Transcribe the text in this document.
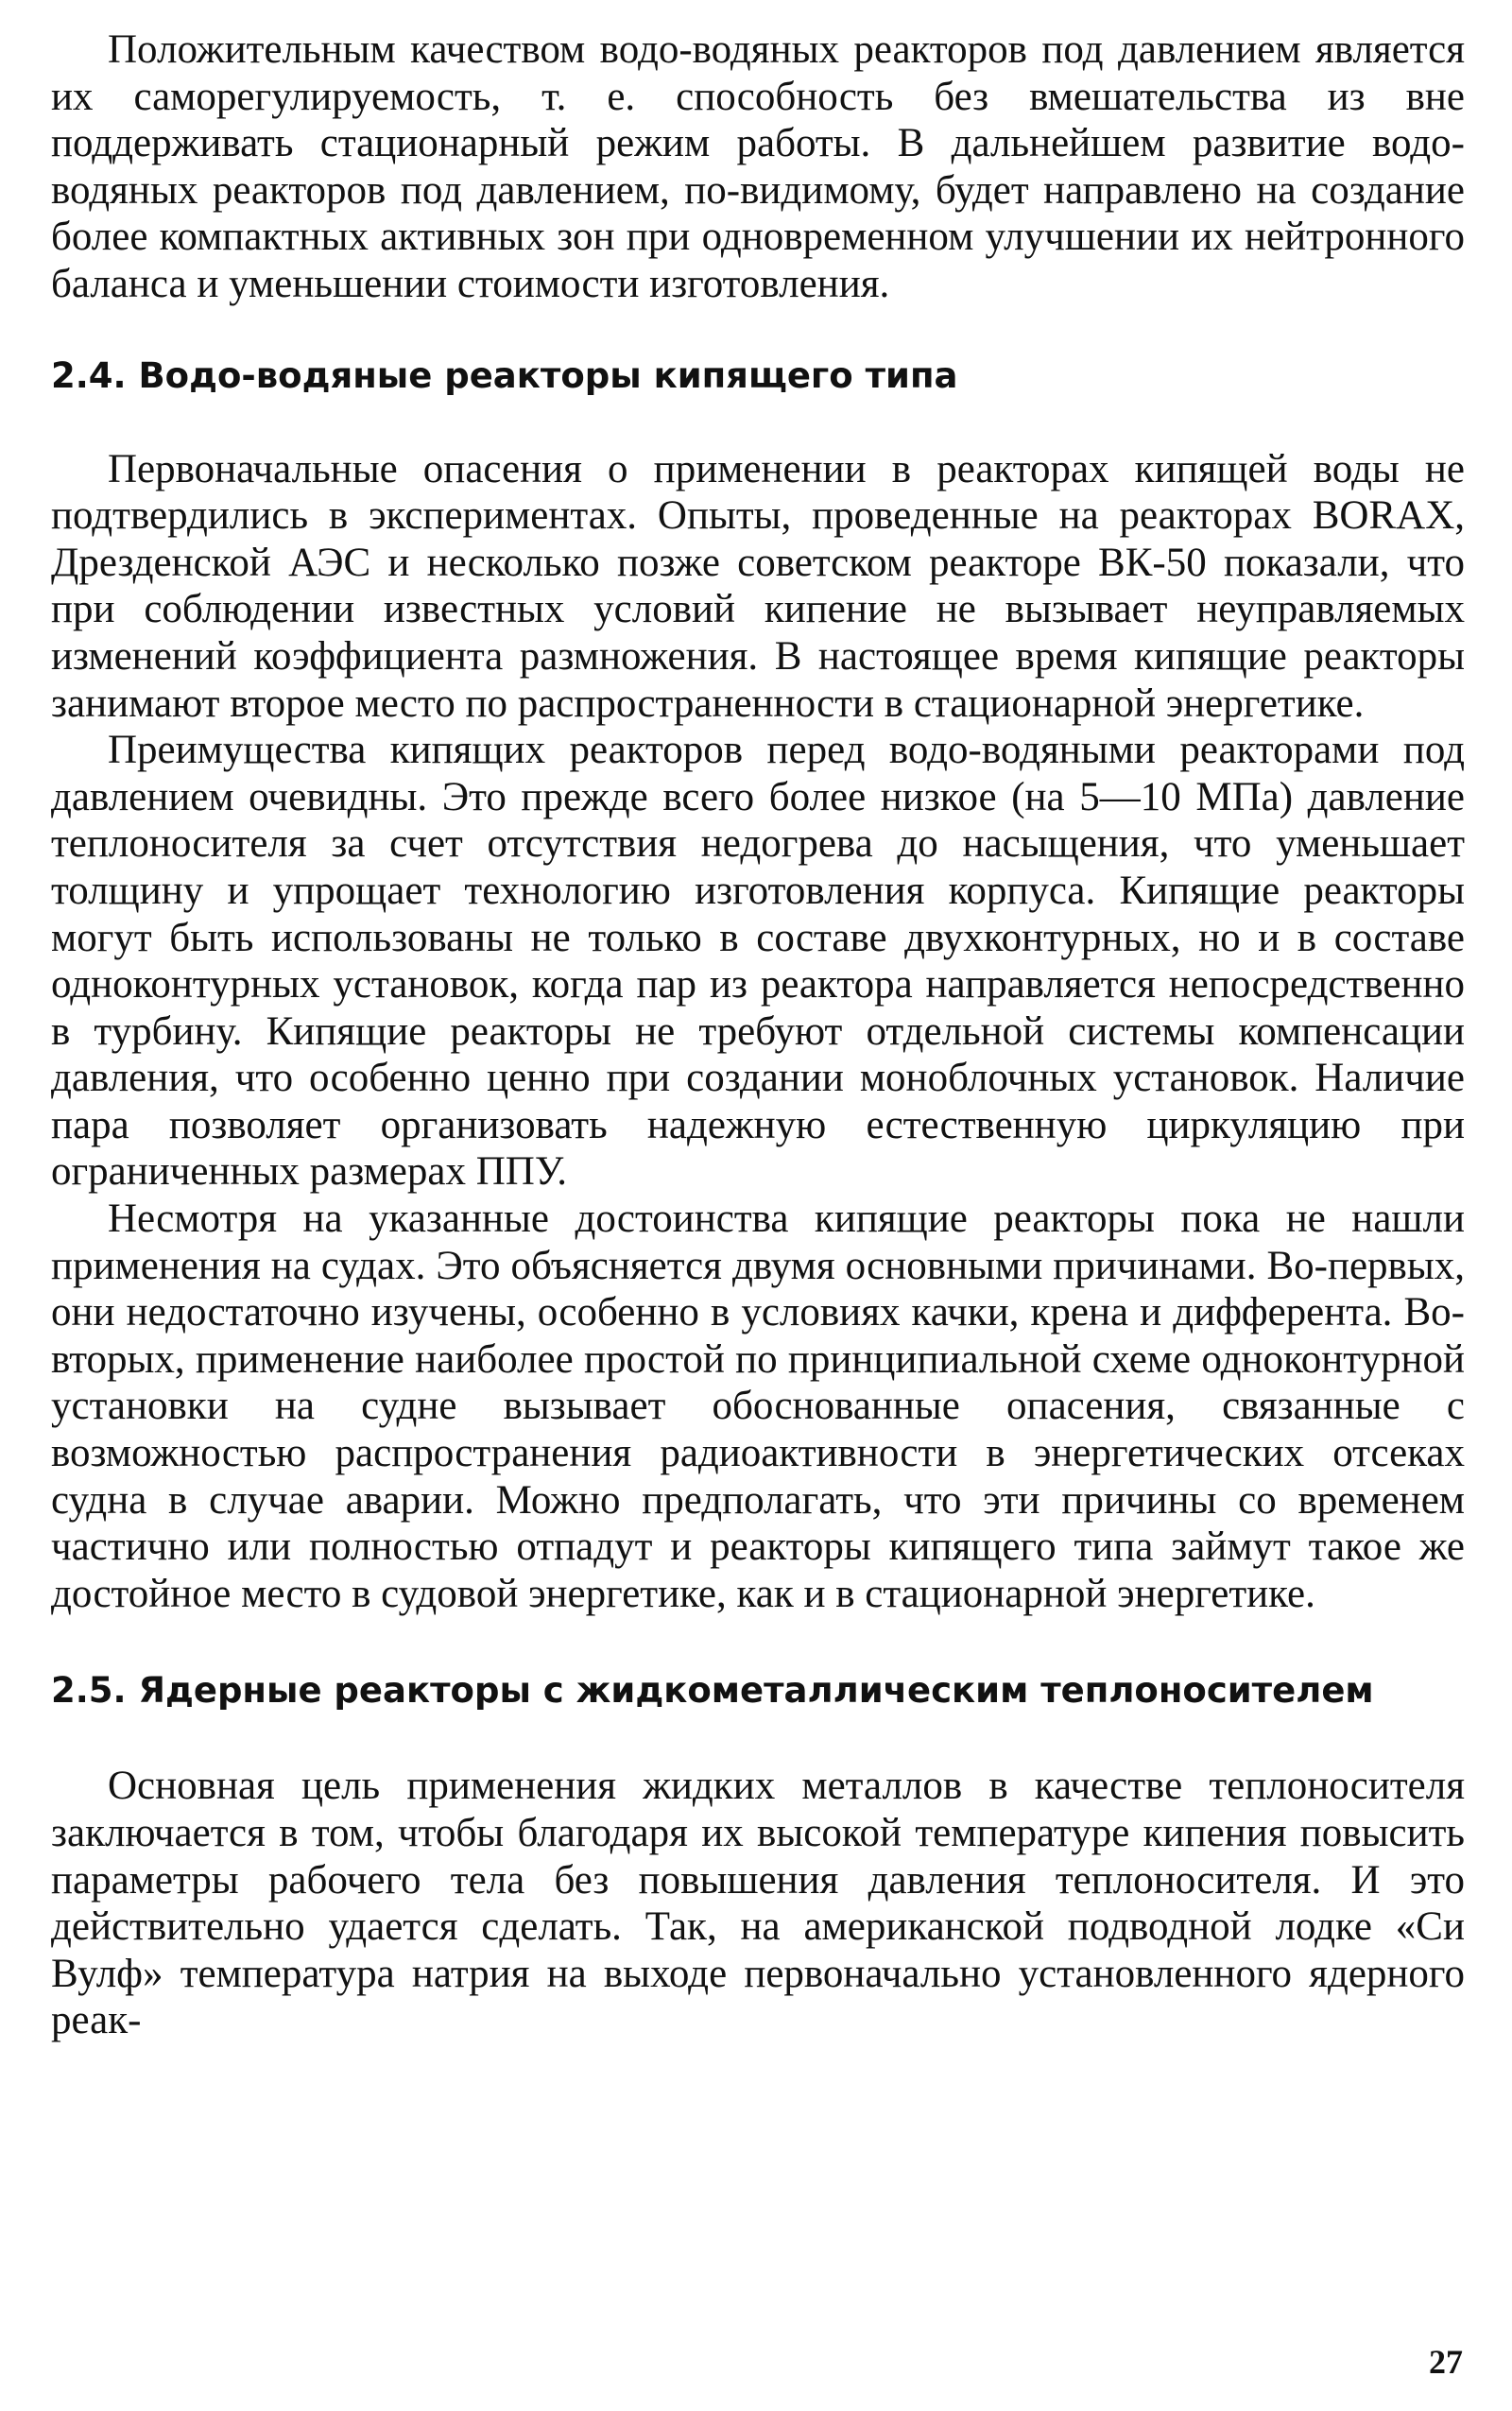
Положительным качеством водо-водяных реакторов под давлением является их саморегулируемость, т. е. способность без вмешательства из вне поддерживать стационарный режим работы. В дальнейшем развитие водо-водяных реакторов под давлением, по-видимому, будет направлено на создание более компактных активных зон при одновременном улучшении их нейтронного баланса и уменьшении стоимости изготовления.

2.4. Водо-водяные реакторы кипящего типа

Первоначальные опасения о применении в реакторах кипящей воды не подтвердились в экспериментах. Опыты, проведенные на реакторах BORAX, Дрезденской АЭС и несколько позже советском реакторе ВК-50 показали, что при соблюдении известных условий кипение не вызывает неуправляемых изменений коэффициента размножения. В настоящее время кипящие реакторы занимают второе место по распространенности в стационарной энергетике.

Преимущества кипящих реакторов перед водо-водяными реакторами под давлением очевидны. Это прежде всего более низкое (на 5—10 МПа) давление теплоносителя за счет отсутствия недогрева до насыщения, что уменьшает толщину и упрощает технологию изготовления корпуса. Кипящие реакторы могут быть использованы не только в составе двухконтурных, но и в составе одноконтурных установок, когда пар из реактора направляется непосредственно в турбину. Кипящие реакторы не требуют отдельной системы компенсации давления, что особенно ценно при создании моноблочных установок. Наличие пара позволяет организовать надежную естественную циркуляцию при ограниченных размерах ППУ.

Несмотря на указанные достоинства кипящие реакторы пока не нашли применения на судах. Это объясняется двумя основными причинами. Во-первых, они недостаточно изучены, особенно в условиях качки, крена и дифферента. Во-вторых, применение наиболее простой по принципиальной схеме одноконтурной установки на судне вызывает обоснованные опасения, связанные с возможностью распространения радиоактивности в энергетических отсеках судна в случае аварии. Можно предполагать, что эти причины со временем частично или полностью отпадут и реакторы кипящего типа займут такое же достойное место в судовой энергетике, как и в стационарной энергетике.

2.5. Ядерные реакторы с жидкометаллическим теплоносителем

Основная цель применения жидких металлов в качестве теплоносителя заключается в том, чтобы благодаря их высокой температуре кипения повысить параметры рабочего тела без повышения давления теплоносителя. И это действительно удается сделать. Так, на американской подводной лодке «Си Вулф» температура натрия на выходе первоначально установленного ядерного реак-

27
